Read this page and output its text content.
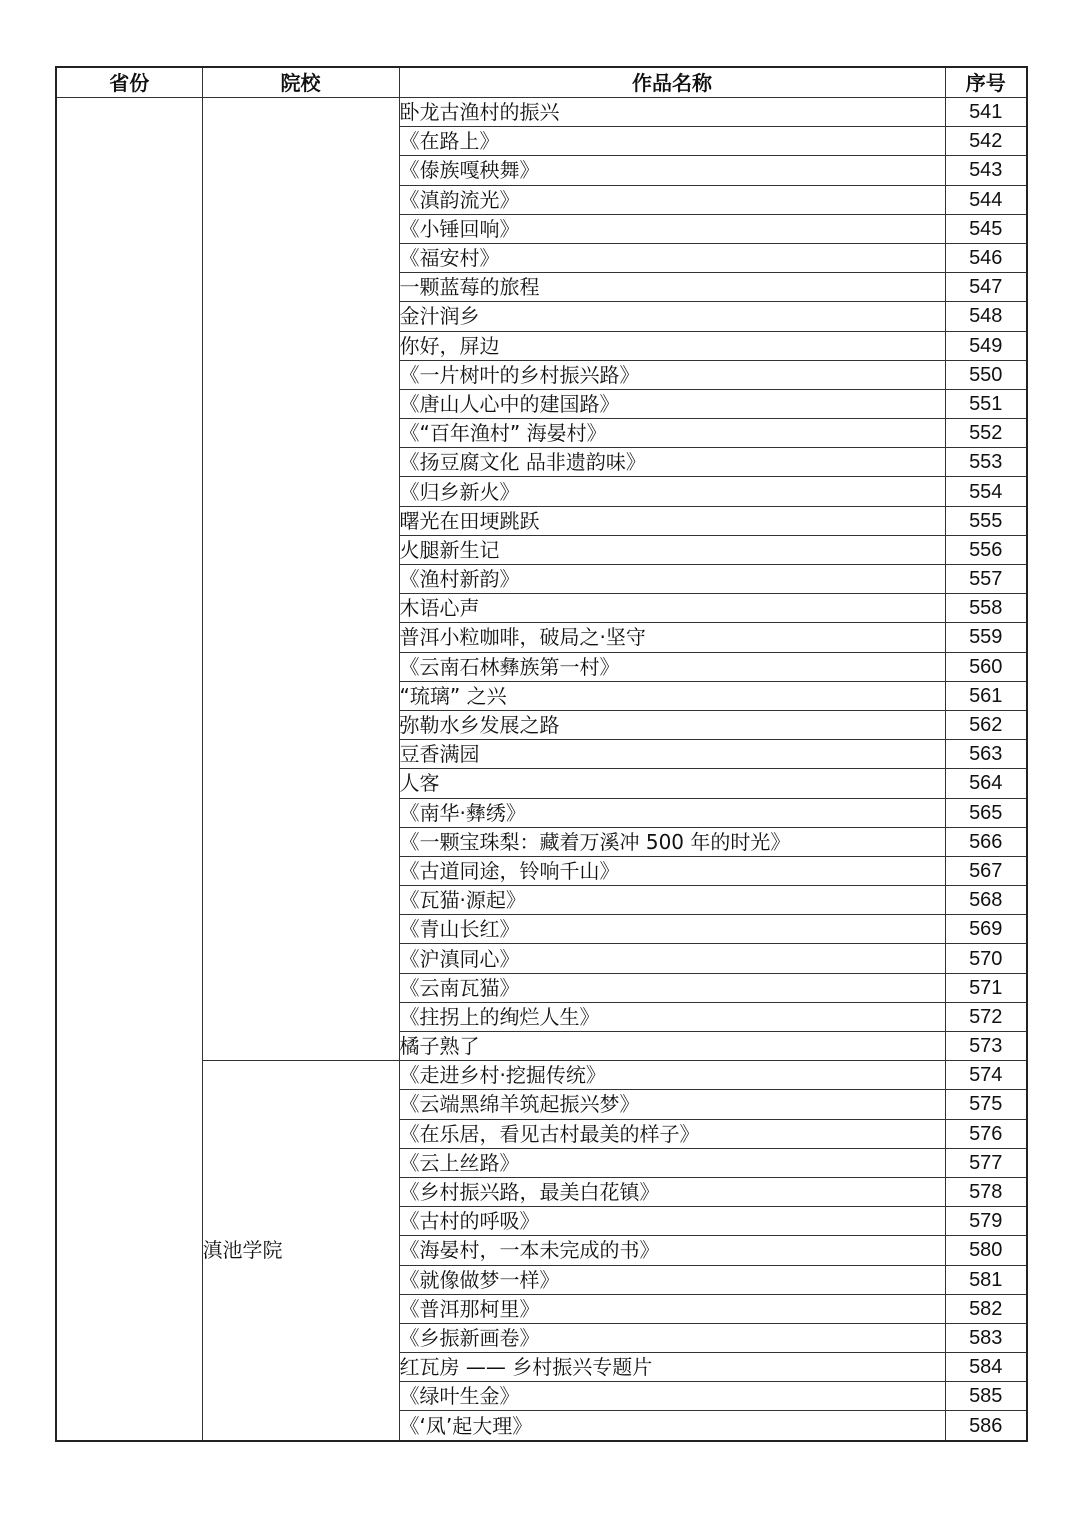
省份	院校	作品名称	序号
		卧龙古渔村的振兴	541
		《在路上》	542
		《傣族嘎秧舞》	543
		《滇韵流光》	544
		《小锤回响》	545
		《福安村》	546
		一颗蓝莓的旅程	547
		金汁润乡	548
		你好，屏边	549
		《一片树叶的乡村振兴路》	550
		《唐山人心中的建国路》	551
		《“百年渔村” 海晏村》	552
		《扬豆腐文化 品非遗韵味》	553
		《归乡新火》	554
		曙光在田埂跳跃	555
		火腿新生记	556
		《渔村新韵》	557
		木语心声	558
		普洱小粒咖啡，破局之·坚守	559
		《云南石林彝族第一村》	560
		“琉璃” 之兴	561
		弥勒水乡发展之路	562
		豆香满园	563
		人客	564
		《南华·彝绣》	565
		《一颗宝珠梨：藏着万溪冲 500 年的时光》	566
		《古道同途，铃响千山》	567
		《瓦猫·源起》	568
		《青山长红》	569
		《沪滇同心》	570
		《云南瓦猫》	571
		《拄拐上的绚烂人生》	572
		橘子熟了	573
	滇池学院	《走进乡村·挖掘传统》	574
		《云端黑绵羊筑起振兴梦》	575
		《在乐居，看见古村最美的样子》	576
		《云上丝路》	577
		《乡村振兴路，最美白花镇》	578
		《古村的呼吸》	579
		《海晏村，一本未完成的书》	580
		《就像做梦一样》	581
		《普洱那柯里》	582
		《乡振新画卷》	583
		红瓦房 —— 乡村振兴专题片	584
		《绿叶生金》	585
		《‘凤’起大理》	586
